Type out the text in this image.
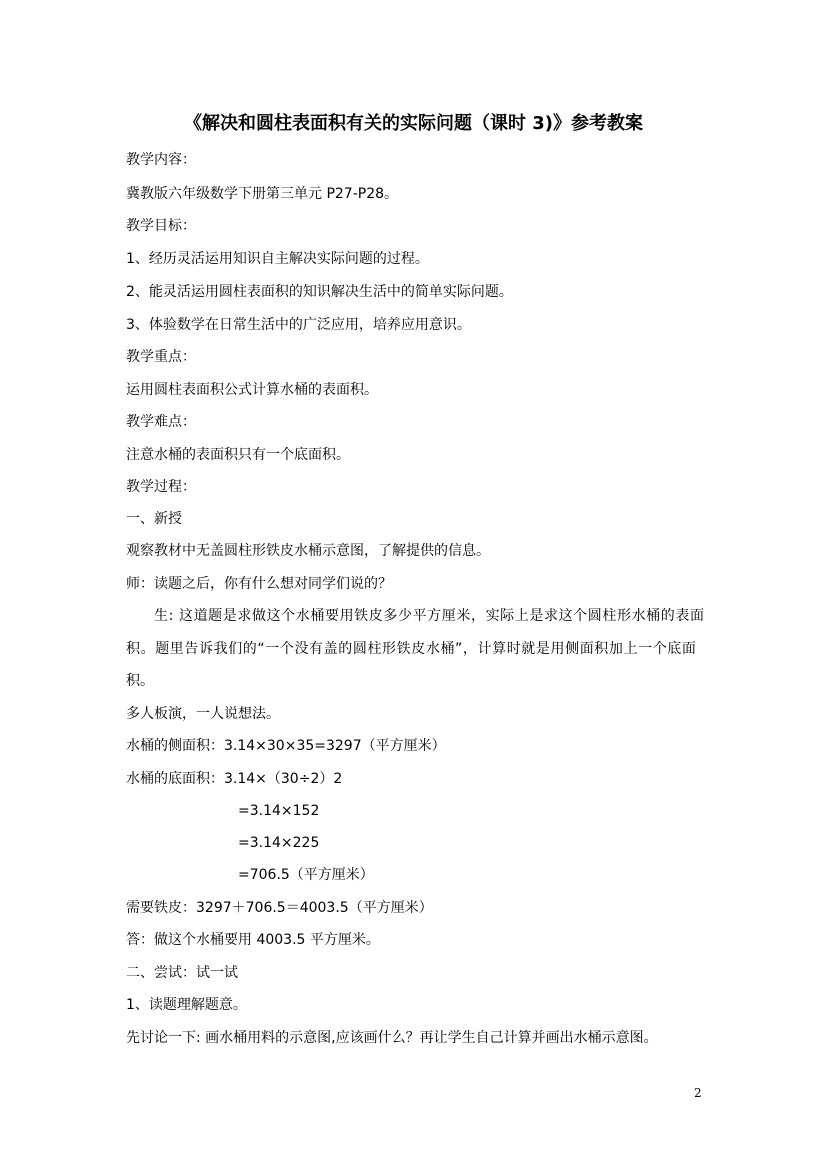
《解决和圆柱表面积有关的实际问题（课时 3)》参考教案
教学内容：
冀教版六年级数学下册第三单元 P27-P28。
教学目标：
1、经历灵活运用知识自主解决实际问题的过程。
2、能灵活运用圆柱表面积的知识解决生活中的简单实际问题。
3、体验数学在日常生活中的广泛应用，培养应用意识。
教学重点：
运用圆柱表面积公式计算水桶的表面积。
教学难点：
注意水桶的表面积只有一个底面积。
教学过程：
一、新授
观察教材中无盖圆柱形铁皮水桶示意图，了解提供的信息。
师：读题之后，你有什么想对同学们说的？
生: 这道题是求做这个水桶要用铁皮多少平方厘米，实际上是求这个圆柱形水桶的表面
积。题里告诉我们的“一个没有盖的圆柱形铁皮水桶”，计算时就是用侧面积加上一个底面
积。
多人板演，一人说想法。
水桶的侧面积：3.14×30×35=3297（平方厘米）
水桶的底面积：3.14×（30÷2）2
=3.14×152
=3.14×225
=706.5（平方厘米）
需要铁皮：3297＋706.5＝4003.5（平方厘米）
答：做这个水桶要用 4003.5 平方厘米。
二、尝试：试一试
1、读题理解题意。
先讨论一下: 画水桶用料的示意图,应该画什么？再让学生自己计算并画出水桶示意图。
2
